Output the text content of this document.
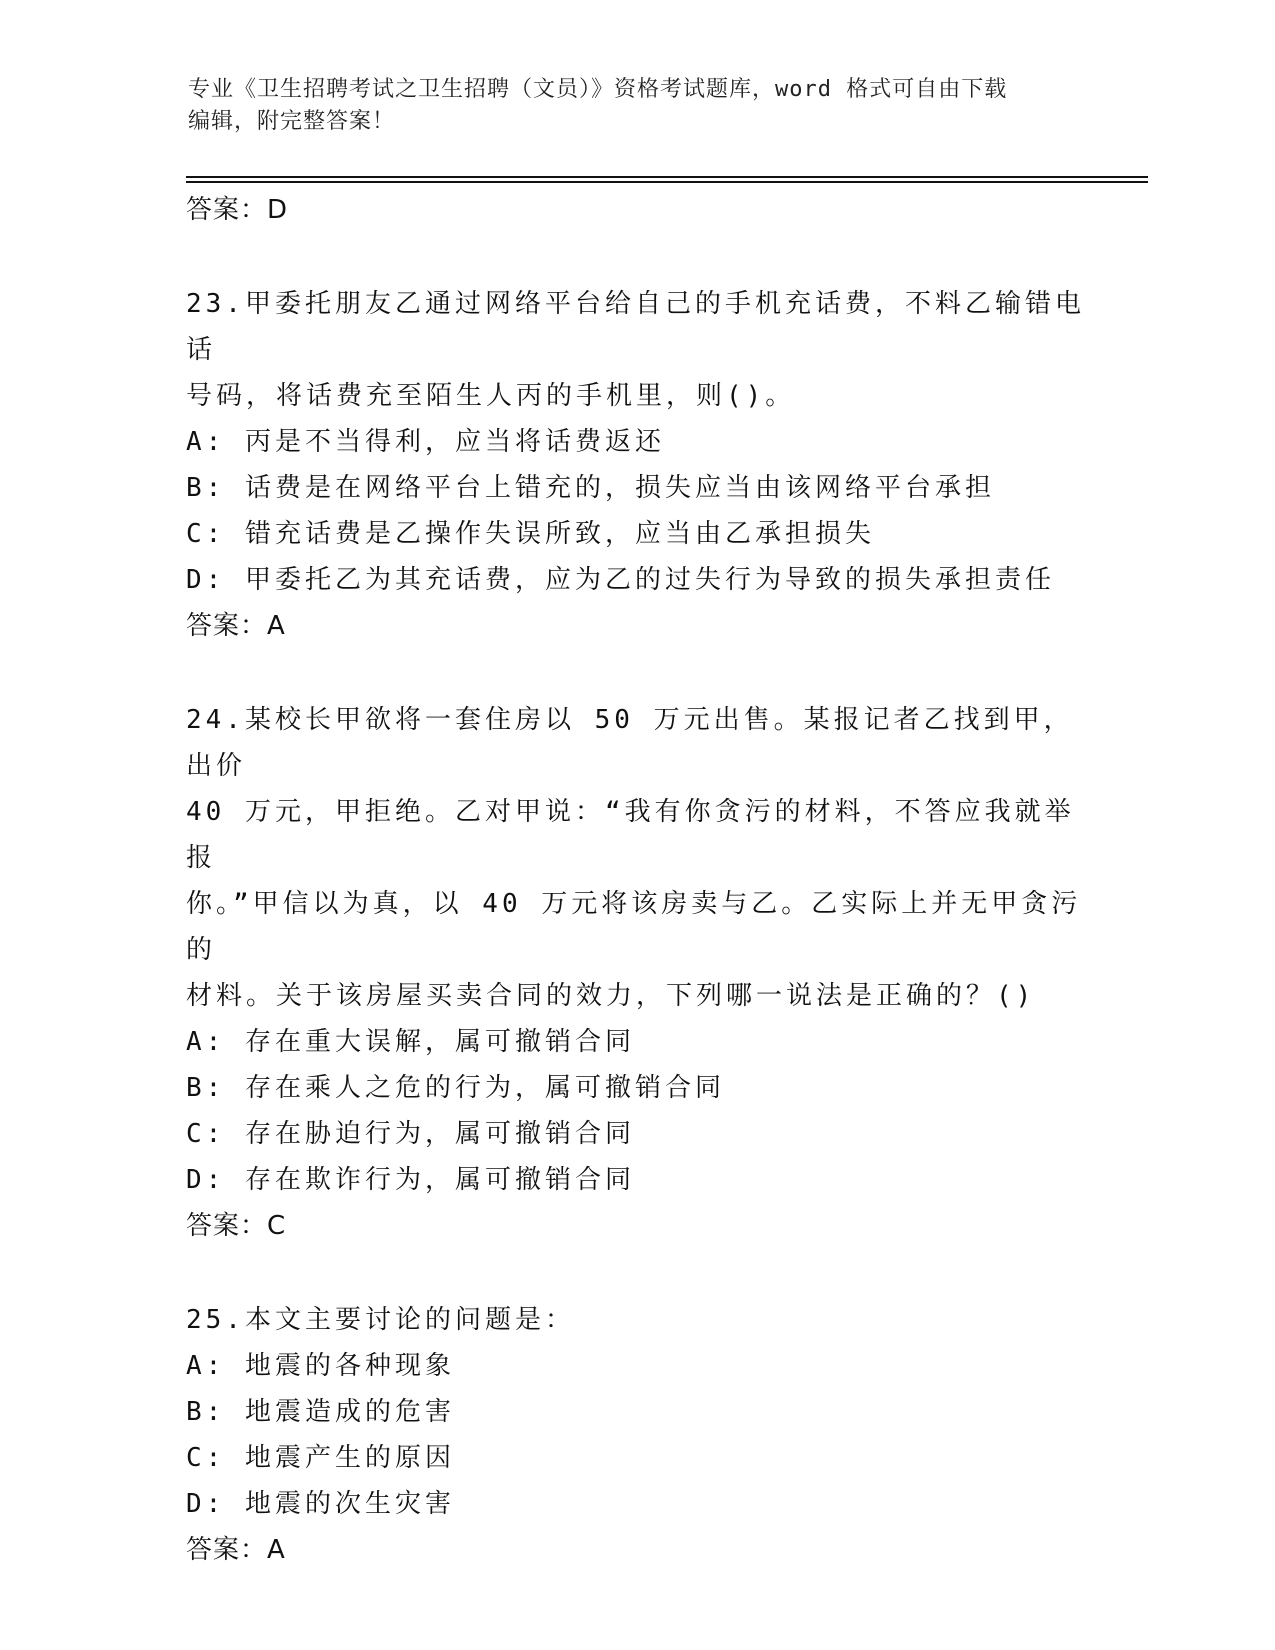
专业《卫生招聘考试之卫生招聘（文员）》资格考试题库，word 格式可自由下载
编辑，附完整答案！
答案：D
23.甲委托朋友乙通过网络平台给自己的手机充话费，不料乙输错电话
号码，将话费充至陌生人丙的手机里，则()。
A: 丙是不当得利，应当将话费返还
B: 话费是在网络平台上错充的，损失应当由该网络平台承担
C: 错充话费是乙操作失误所致，应当由乙承担损失
D: 甲委托乙为其充话费，应为乙的过失行为导致的损失承担责任
答案：A
24.某校长甲欲将一套住房以 50 万元出售。某报记者乙找到甲，出价
40 万元，甲拒绝。乙对甲说：“我有你贪污的材料，不答应我就举报
你。”甲信以为真，以 40 万元将该房卖与乙。乙实际上并无甲贪污的
材料。关于该房屋买卖合同的效力，下列哪一说法是正确的？()
A: 存在重大误解，属可撤销合同
B: 存在乘人之危的行为，属可撤销合同
C: 存在胁迫行为，属可撤销合同
D: 存在欺诈行为，属可撤销合同
答案：C
25.本文主要讨论的问题是：
A: 地震的各种现象
B: 地震造成的危害
C: 地震产生的原因
D: 地震的次生灾害
答案：A
